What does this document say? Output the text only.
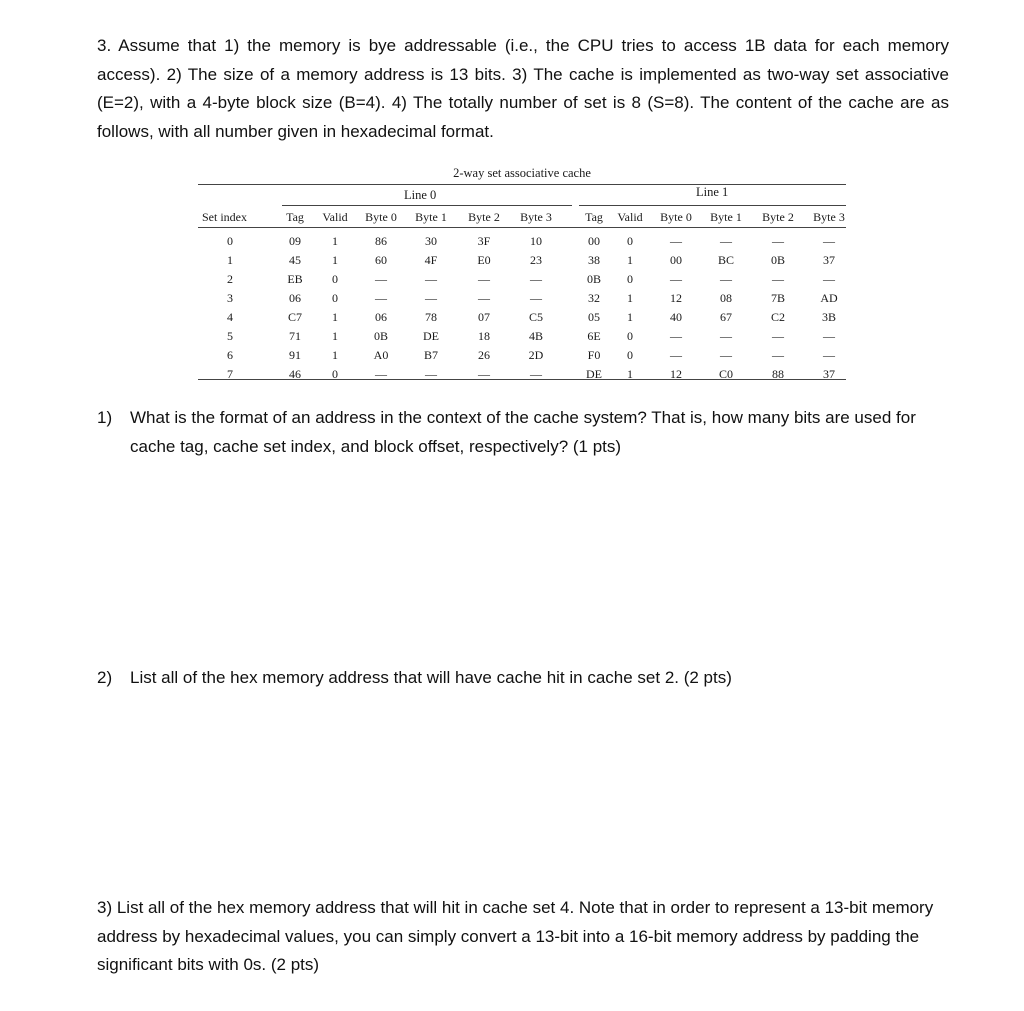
3. Assume that 1) the memory is bye addressable (i.e., the CPU tries to access 1B data for each memory access). 2) The size of a memory address is 13 bits. 3) The cache is implemented as two-way set associative (E=2), with a 4-byte block size (B=4). 4) The totally number of set is 8 (S=8). The content of the cache are as follows, with all number given in hexadecimal format.
2-way set associative cache
Line 0	Line 1
Set index	Tag Valid Byte 0 Byte 1 Byte 2 Byte 3	Tag Valid Byte 0 Byte 1 Byte 2 Byte 3
0	09	1	86	30	3F	10	00 0	—	—	—	—
1	45	1	60	4F	E0	23	38 1	00	BC	0B	37
2	EB 0	—	—	—	—	0B 0	—	—	—	—
3	06	0	—	—	—	—	32 1	12	08	7B	AD
4	C7 1	06	78	07	C5	05 1	40	67	C2	3B
5	71	1	0B	DE	18	4B	6E 0	—	—	—	—
6	91	1	A0	B7	26	2D	F0 0	—	—	—	—
7	46	0	—	—	—	—	DE 1	12	C0	88	37
1) What is the format of an address in the context of the cache system? That is, how many bits are used for cache tag, cache set index, and block offset, respectively? (1 pts)
2) List all of the hex memory address that will have cache hit in cache set 2. (2 pts)
3) List all of the hex memory address that will hit in cache set 4. Note that in order to represent a 13-bit memory address by hexadecimal values, you can simply convert a 13-bit into a 16-bit memory address by padding the significant bits with 0s. (2 pts)
